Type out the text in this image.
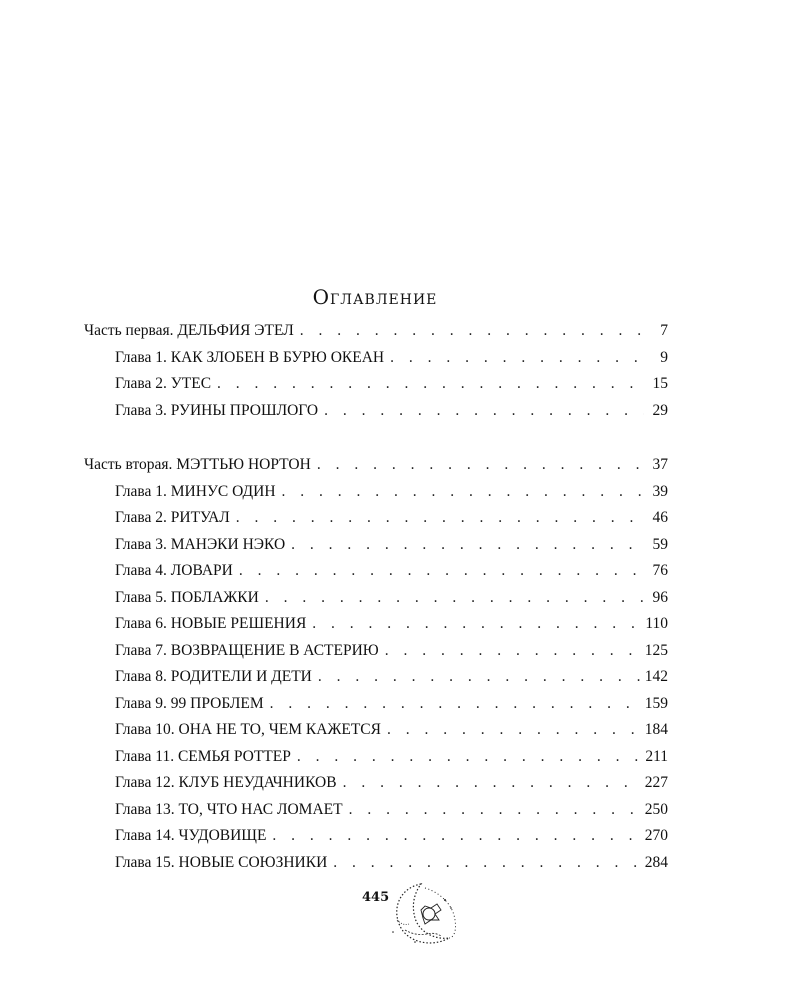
Оглавление
Часть первая. ДЕЛЬФИЯ ЭТЕЛ . . .	7
Глава 1. КАК ЗЛОБЕН В БУРЮ ОКЕАН . . .	9
Глава 2. УТЕС . . .	15
Глава 3. РУИНЫ ПРОШЛОГО . . .	29
Часть вторая. МЭТТЬЮ НОРТОН . . .	37
Глава 1. МИНУС ОДИН . . .	39
Глава 2. РИТУАЛ . . .	46
Глава 3. МАНЭКИ НЭКО . . .	59
Глава 4. ЛОВАРИ . . .	76
Глава 5. ПОБЛАЖКИ . . .	96
Глава 6. НОВЫЕ РЕШЕНИЯ . . .	110
Глава 7. ВОЗВРАЩЕНИЕ В АСТЕРИЮ . . .	125
Глава 8. РОДИТЕЛИ И ДЕТИ . . .	142
Глава 9. 99 ПРОБЛЕМ . . .	159
Глава 10. ОНА НЕ ТО, ЧЕМ КАЖЕТСЯ . . .	184
Глава 11. СЕМЬЯ РОТТЕР . . .	211
Глава 12. КЛУБ НЕУДАЧНИКОВ . . .	227
Глава 13. ТО, ЧТО НАС ЛОМАЕТ . . .	250
Глава 14. ЧУДОВИЩЕ . . .	270
Глава 15. НОВЫЕ СОЮЗНИКИ . . .	284
445
